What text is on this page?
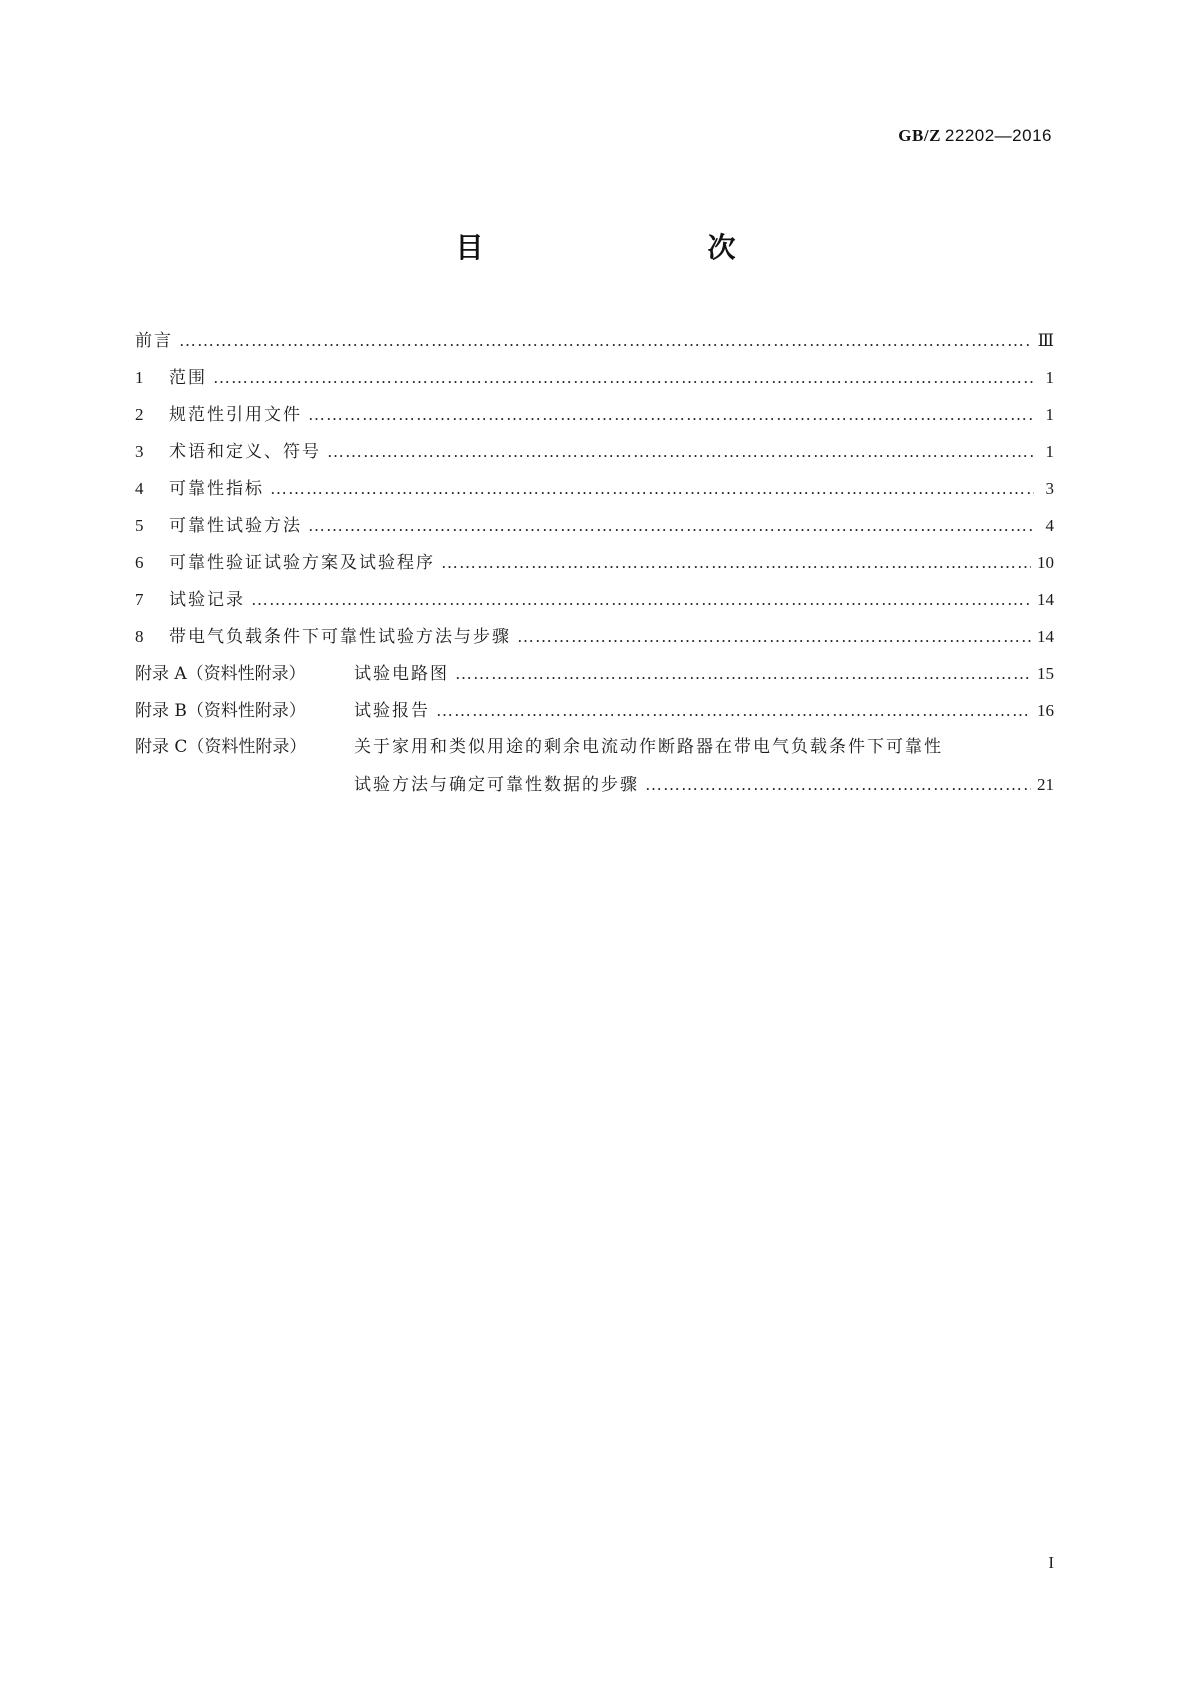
GB/Z 22202—2016
目　　次
前言 ………………………………………………………………………………………………………………………………………………………………………………………………………	Ⅲ
1	范围 ………………………………………………………………………………………………………………………………………………………………………………………………………	1
2	规范性引用文件 ………………………………………………………………………………………………………………………………………………………………………………………………………	1
3	术语和定义、符号 ………………………………………………………………………………………………………………………………………………………………………………………………………	1
4	可靠性指标 ………………………………………………………………………………………………………………………………………………………………………………………………………	3
5	可靠性试验方法 ………………………………………………………………………………………………………………………………………………………………………………………………………	4
6	可靠性验证试验方案及试验程序 ………………………………………………………………………………………………………………………………………………………………………………………………………	10
7	试验记录 ………………………………………………………………………………………………………………………………………………………………………………………………………	14
8	带电气负载条件下可靠性试验方法与步骤 ………………………………………………………………………………………………………………………………………………………………………………………………………	14
附录 A（资料性附录）	试验电路图 ………………………………………………………………………………………………………………………………………………………………………………………………………	15
附录 B（资料性附录）	试验报告 ………………………………………………………………………………………………………………………………………………………………………………………………………	16
附录 C（资料性附录）	关于家用和类似用途的剩余电流动作断路器在带电气负载条件下可靠性
试验方法与确定可靠性数据的步骤 ………………………………………………………………………………………………………………………………………………………………………………………………………	21
I
